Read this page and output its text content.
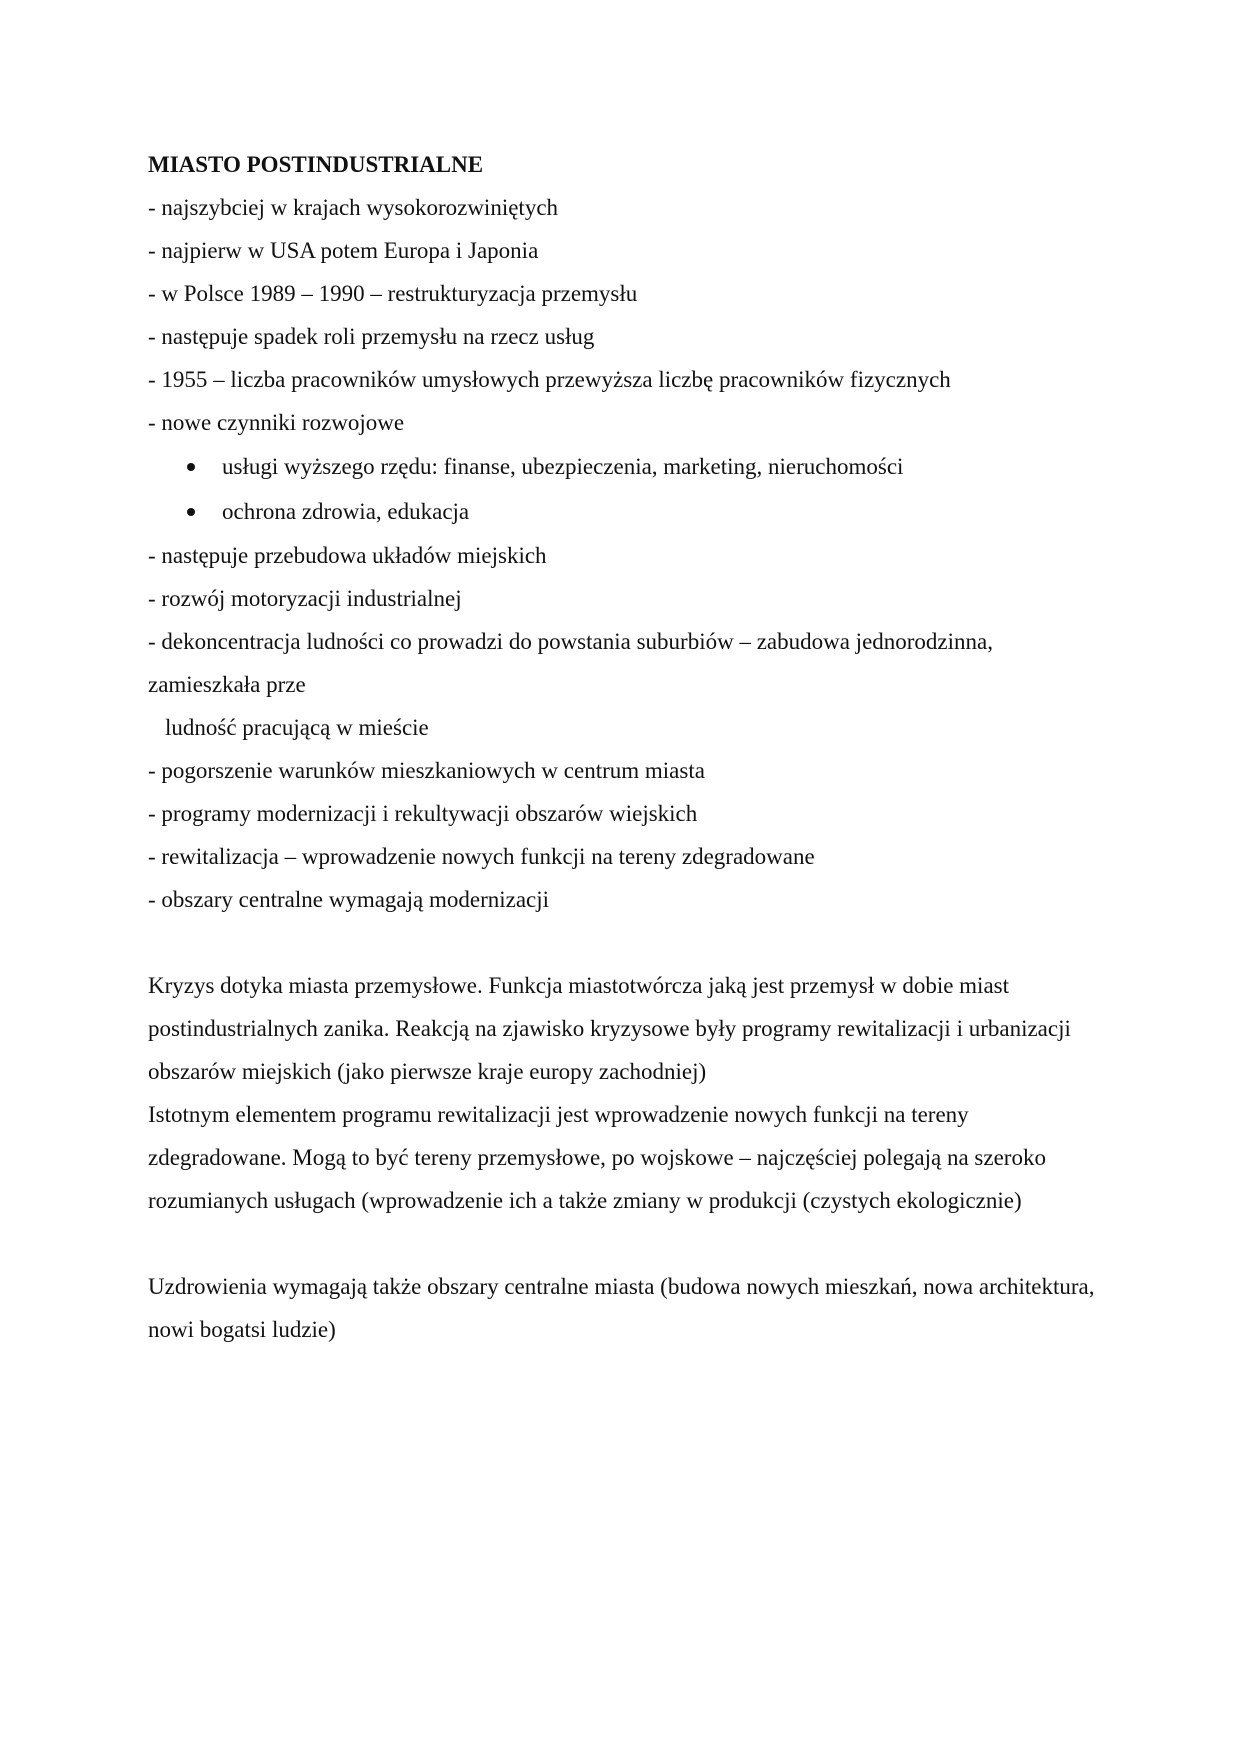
MIASTO POSTINDUSTRIALNE
- najszybciej w krajach wysokorozwiniętych
- najpierw w USA potem Europa i Japonia
- w Polsce 1989 – 1990 – restrukturyzacja przemysłu
- następuje spadek roli przemysłu na rzecz usług
- 1955 – liczba pracowników umysłowych przewyższa liczbę pracowników fizycznych
- nowe czynniki rozwojowe
usługi wyższego rzędu: finanse, ubezpieczenia, marketing, nieruchomości
ochrona zdrowia, edukacja
- następuje przebudowa układów miejskich
- rozwój motoryzacji industrialnej
- dekoncentracja ludności co prowadzi do powstania suburbiów – zabudowa jednorodzinna, zamieszkała prze
ludność pracującą w mieście
- pogorszenie warunków mieszkaniowych w centrum miasta
- programy modernizacji i rekultywacji obszarów wiejskich
- rewitalizacja – wprowadzenie nowych funkcji na tereny zdegradowane
- obszary centralne wymagają modernizacji
Kryzys dotyka miasta przemysłowe. Funkcja miastotwórcza jaką jest przemysł w dobie miast postindustrialnych zanika. Reakcją na zjawisko kryzysowe były programy rewitalizacji i urbanizacji obszarów miejskich (jako pierwsze kraje europy zachodniej)
Istotnym elementem programu rewitalizacji jest wprowadzenie nowych funkcji na tereny zdegradowane. Mogą to być tereny przemysłowe, po wojskowe – najczęściej polegają na szeroko rozumianych usługach (wprowadzenie ich a także zmiany w produkcji (czystych ekologicznie)
Uzdrowienia wymagają także obszary centralne miasta (budowa nowych mieszkań, nowa architektura, nowi bogatsi ludzie)
